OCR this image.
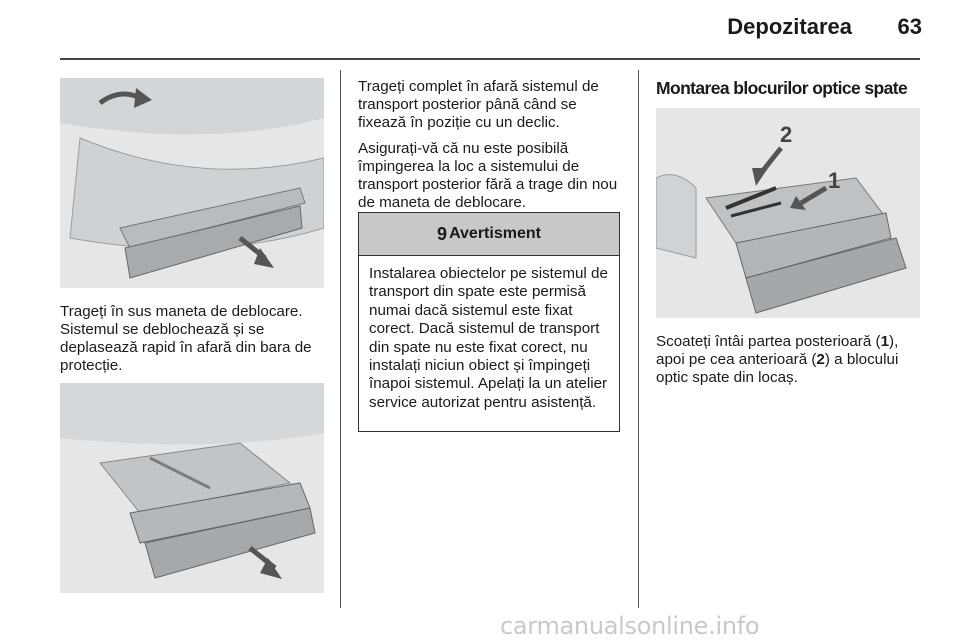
Depozitarea	63
Trageți în sus maneta de deblocare. Sistemul se deblochează și se deplasează rapid în afară din bara de protecție.

Trageți complet în afară sistemul de transport posterior până când se fixează în poziție cu un declic.

Asigurați-vă că nu este posibilă împingerea la loc a sistemului de transport posterior fără a trage din nou de maneta de deblocare.

9 Avertisment
Instalarea obiectelor pe sistemul de transport din spate este permisă numai dacă sistemul este fixat corect. Dacă sistemul de transport din spate nu este fixat corect, nu instalați niciun obiect și împingeți înapoi sistemul. Apelați la un atelier service autorizat pentru asistență.
Montarea blocurilor optice spate
2
1
Scoateți întâi partea posterioară (1), apoi pe cea anterioară (2) a blocului optic spate din locaș.
carmanualsonline.info
